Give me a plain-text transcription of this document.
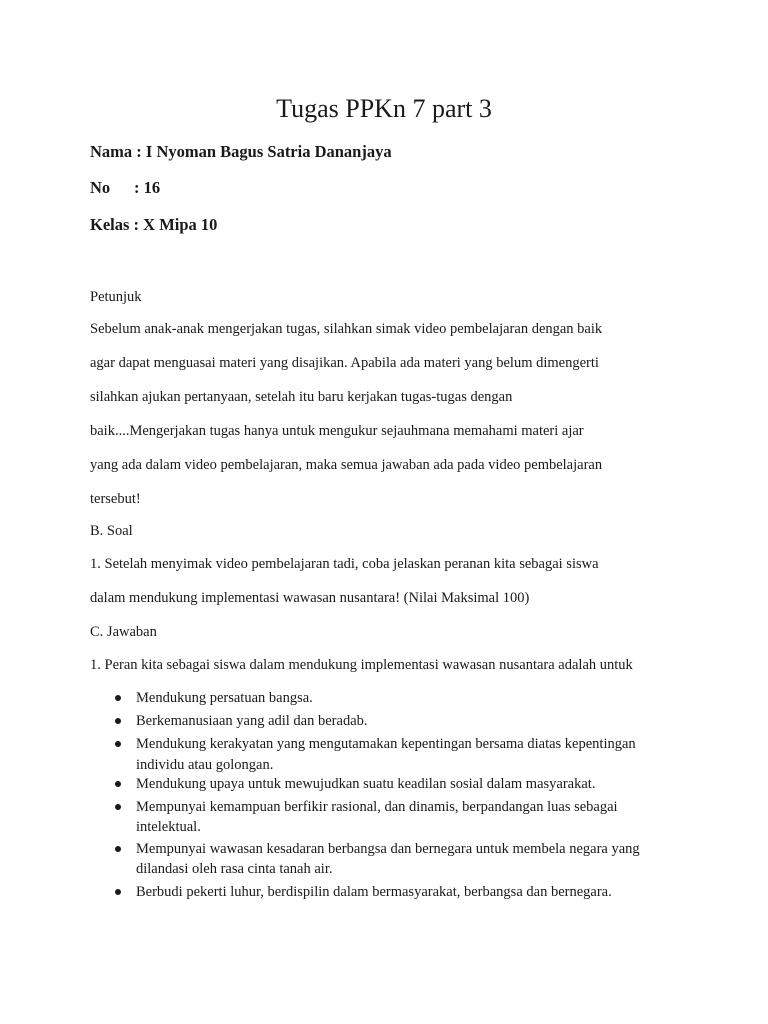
Tugas PPKn 7 part 3
Nama : I Nyoman Bagus Satria Dananjaya
No : 16
Kelas : X Mipa 10
Petunjuk
Sebelum anak-anak mengerjakan tugas, silahkan simak video pembelajaran dengan baik
agar dapat menguasai materi yang disajikan. Apabila ada materi yang belum dimengerti
silahkan ajukan pertanyaan, setelah itu baru kerjakan tugas-tugas dengan
baik....Mengerjakan tugas hanya untuk mengukur sejauhmana memahami materi ajar
yang ada dalam video pembelajaran, maka semua jawaban ada pada video pembelajaran
tersebut!
B. Soal
1. Setelah menyimak video pembelajaran tadi, coba jelaskan peranan kita sebagai siswa
dalam mendukung implementasi wawasan nusantara! (Nilai Maksimal 100)
C. Jawaban
1. Peran kita sebagai siswa dalam mendukung implementasi wawasan nusantara adalah untuk
Mendukung persatuan bangsa.
Berkemanusiaan yang adil dan beradab.
Mendukung kerakyatan yang mengutamakan kepentingan bersama diatas kepentingan
individu atau golongan.
Mendukung upaya untuk mewujudkan suatu keadilan sosial dalam masyarakat.
Mempunyai kemampuan berfikir rasional, dan dinamis, berpandangan luas sebagai
intelektual.
Mempunyai wawasan kesadaran berbangsa dan bernegara untuk membela negara yang
dilandasi oleh rasa cinta tanah air.
Berbudi pekerti luhur, berdispilin dalam bermasyarakat, berbangsa dan bernegara.
